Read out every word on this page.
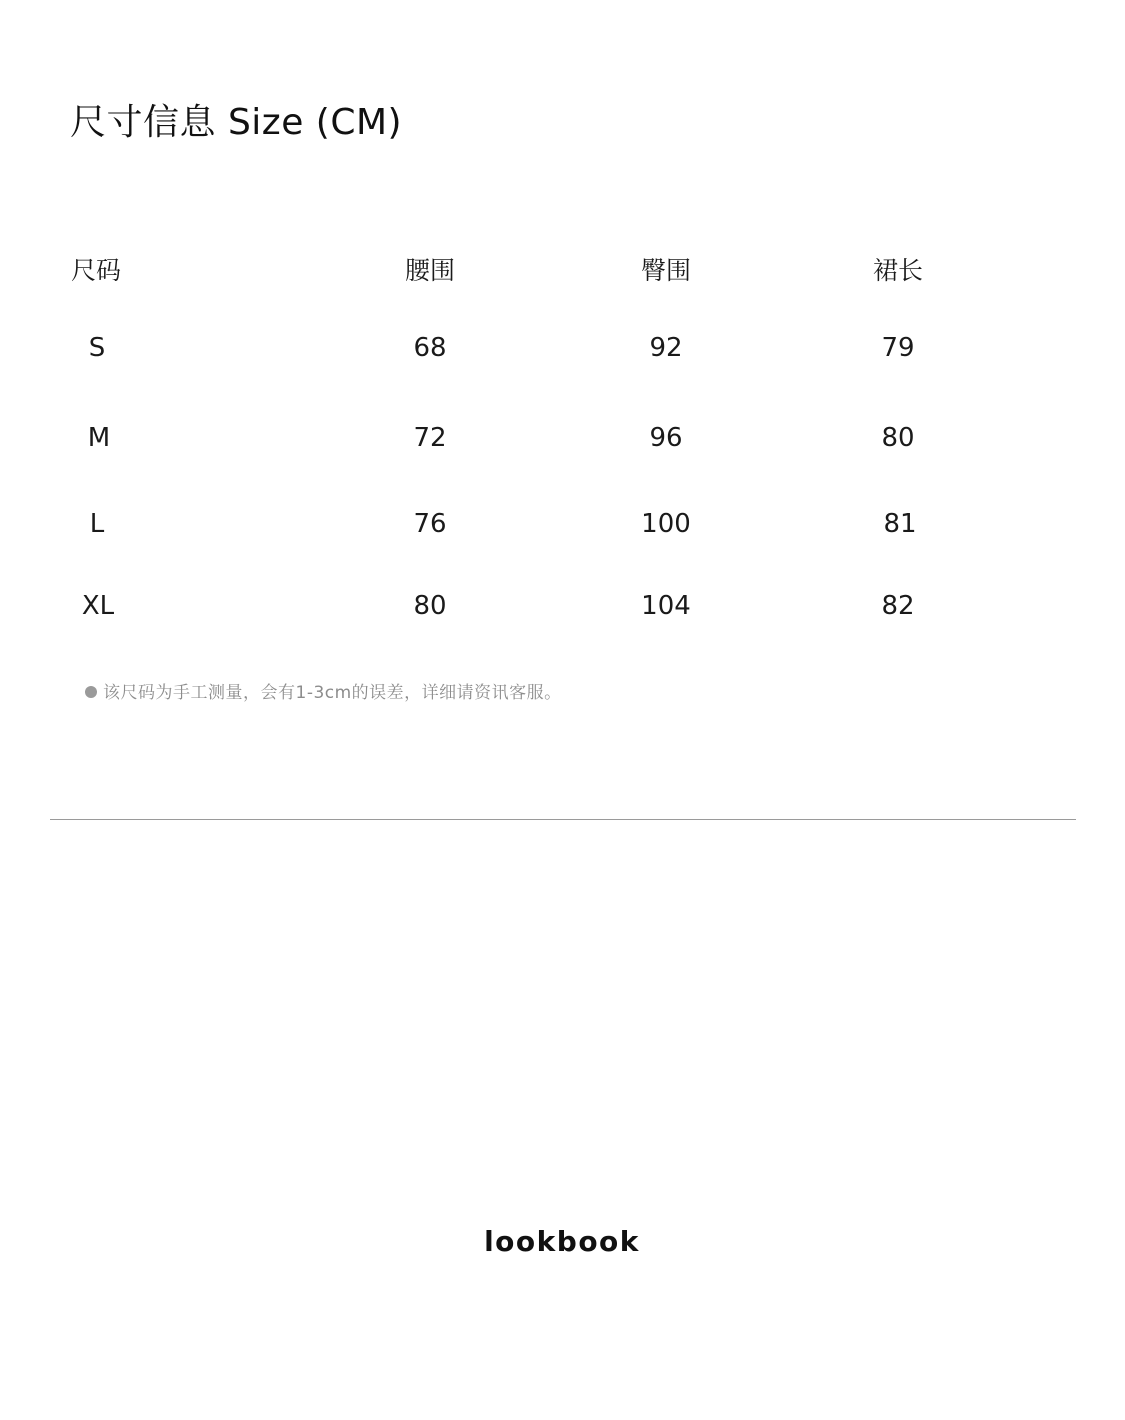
尺寸信息 Size (CM)
尺码	腰围	臀围	裙长
S	68	92	79
M	72	96	80
L	76	100	81
XL	80	104	82
该尺码为手工测量，会有1-3cm的误差，详细请资讯客服。
lookbook
